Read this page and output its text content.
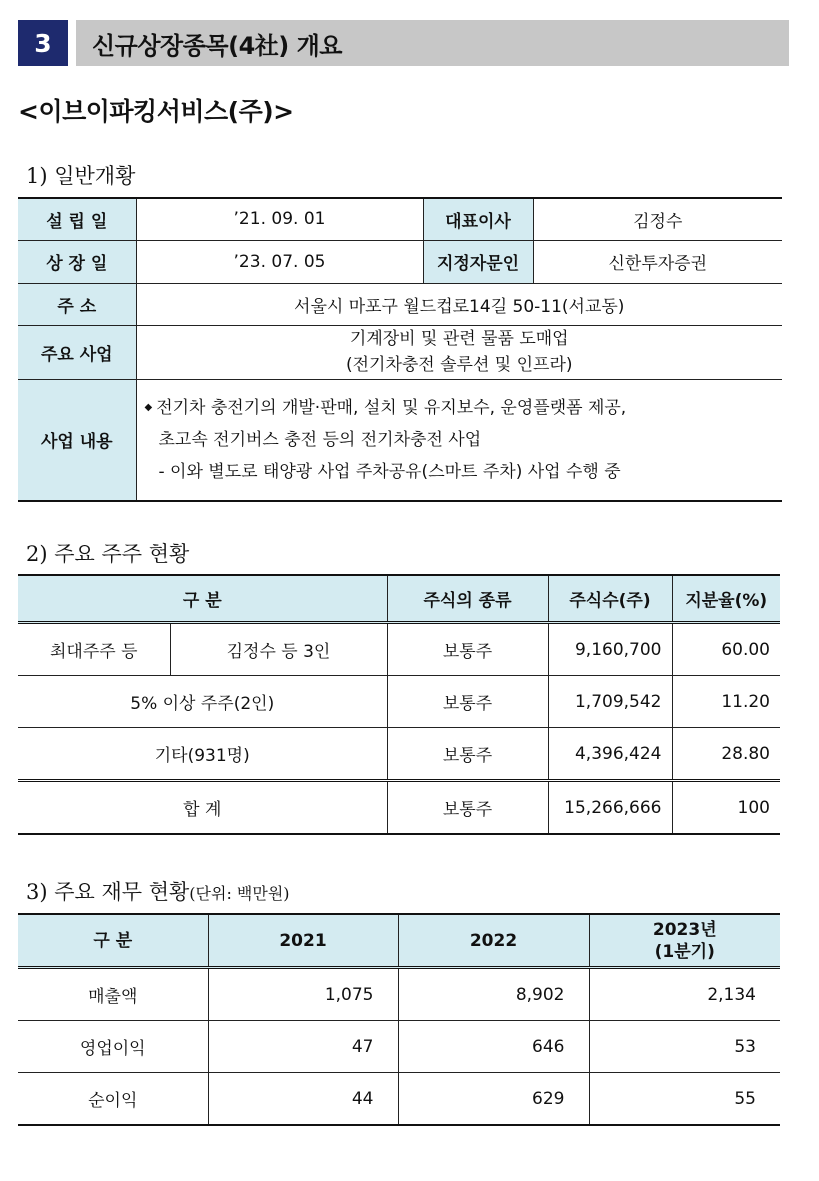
3	신규상장종목(4社) 개요
<이브이파킹서비스(주)>
1) 일반개황
설 립 일	’21. 09. 01	대표이사	김정수
상 장 일	’23. 07. 05	지정자문인	신한투자증권
주 소	서울시 마포구 월드컵로14길 50-11(서교동)		
주요 사업	기계장비 및 관련 물품 도매업
(전기차충전 솔루션 및 인프라)		

사업 내용	◆ 전기차 충전기의 개발·판매, 설치 및 유지보수, 운영플랫폼 제공,
초고속 전기버스 충전 등의 전기차충전 사업
- 이와 별도로 태양광 사업 주차공유(스마트 주차) 사업 수행 중		
2) 주요 주주 현황
구 분		주식의 종류	주식수(주)	지분율(%)
최대주주 등	김정수 등 3인	보통주	9,160,700	60.00
5% 이상 주주(2인)		보통주	1,709,542	11.20
기타(931명)		보통주	4,396,424	28.80
합 계		보통주	15,266,666	100
3) 주요 재무 현황(단위: 백만원)
구 분	2021	2022	2023년
(1분기)

매출액	1,075	8,902	2,134
영업이익	47	646	53
순이익	44	629	55
